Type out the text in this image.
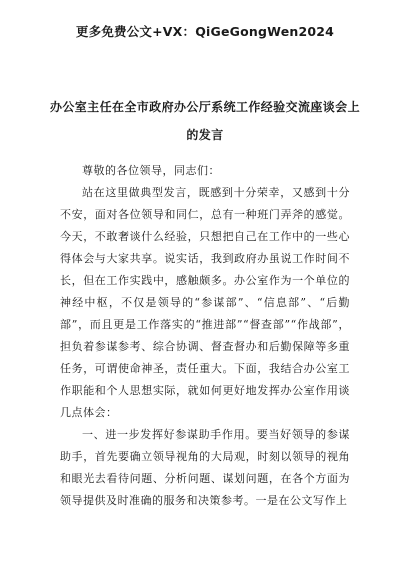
更多免费公文+VX：QiGeGongWen2024
办公室主任在全市政府办公厅系统工作经验交流座谈会上
的发言

尊敬的各位领导，同志们：

站在这里做典型发言，既感到十分荣幸，又感到十分不安，面对各位领导和同仁，总有一种班门弄斧的感觉。今天，不敢奢谈什么经验，只想把自己在工作中的一些心得体会与大家共享。说实话，我到政府办虽说工作时间不长，但在工作实践中，感触颇多。办公室作为一个单位的神经中枢，不仅是领导的“参谋部”、“信息部”、“后勤部”，而且更是工作落实的“推进部”“督查部”“作战部”，担负着参谋参考、综合协调、督查督办和后勤保障等多重任务，可谓使命神圣，责任重大。下面，我结合办公室工作职能和个人思想实际，就如何更好地发挥办公室作用谈几点体会：

一、进一步发挥好参谋助手作用。要当好领导的参谋助手，首先要确立领导视角的大局观，时刻以领导的视角和眼光去看待问题、分析问题、谋划问题，在各个方面为领导提供及时准确的服务和决策参考。一是在公文写作上
